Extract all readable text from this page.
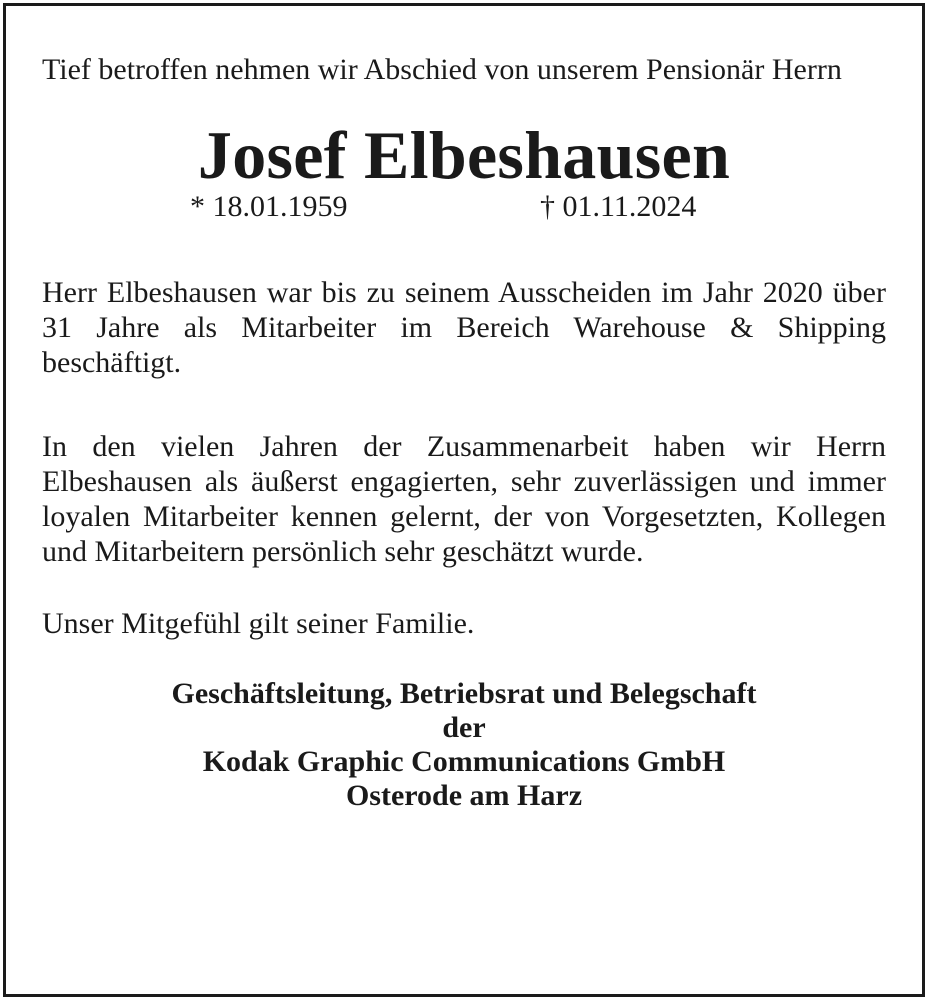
Tief betroffen nehmen wir Abschied von unserem Pensionär Herrn

Josef Elbeshausen
* 18.01.1959	† 01.11.2024

Herr Elbeshausen war bis zu seinem Ausscheiden im Jahr 2020 über 31 Jahre als Mitarbeiter im Bereich Warehouse & Shipping beschäftigt.

In den vielen Jahren der Zusammenarbeit haben wir Herrn Elbeshausen als äußerst engagierten, sehr zuverlässigen und immer loyalen Mitarbeiter kennen gelernt, der von Vorgesetzten, Kollegen und Mitarbeitern persönlich sehr geschätzt wurde.

Unser Mitgefühl gilt seiner Familie.

Geschäftsleitung, Betriebsrat und Belegschaft
der
Kodak Graphic Communications GmbH
Osterode am Harz
